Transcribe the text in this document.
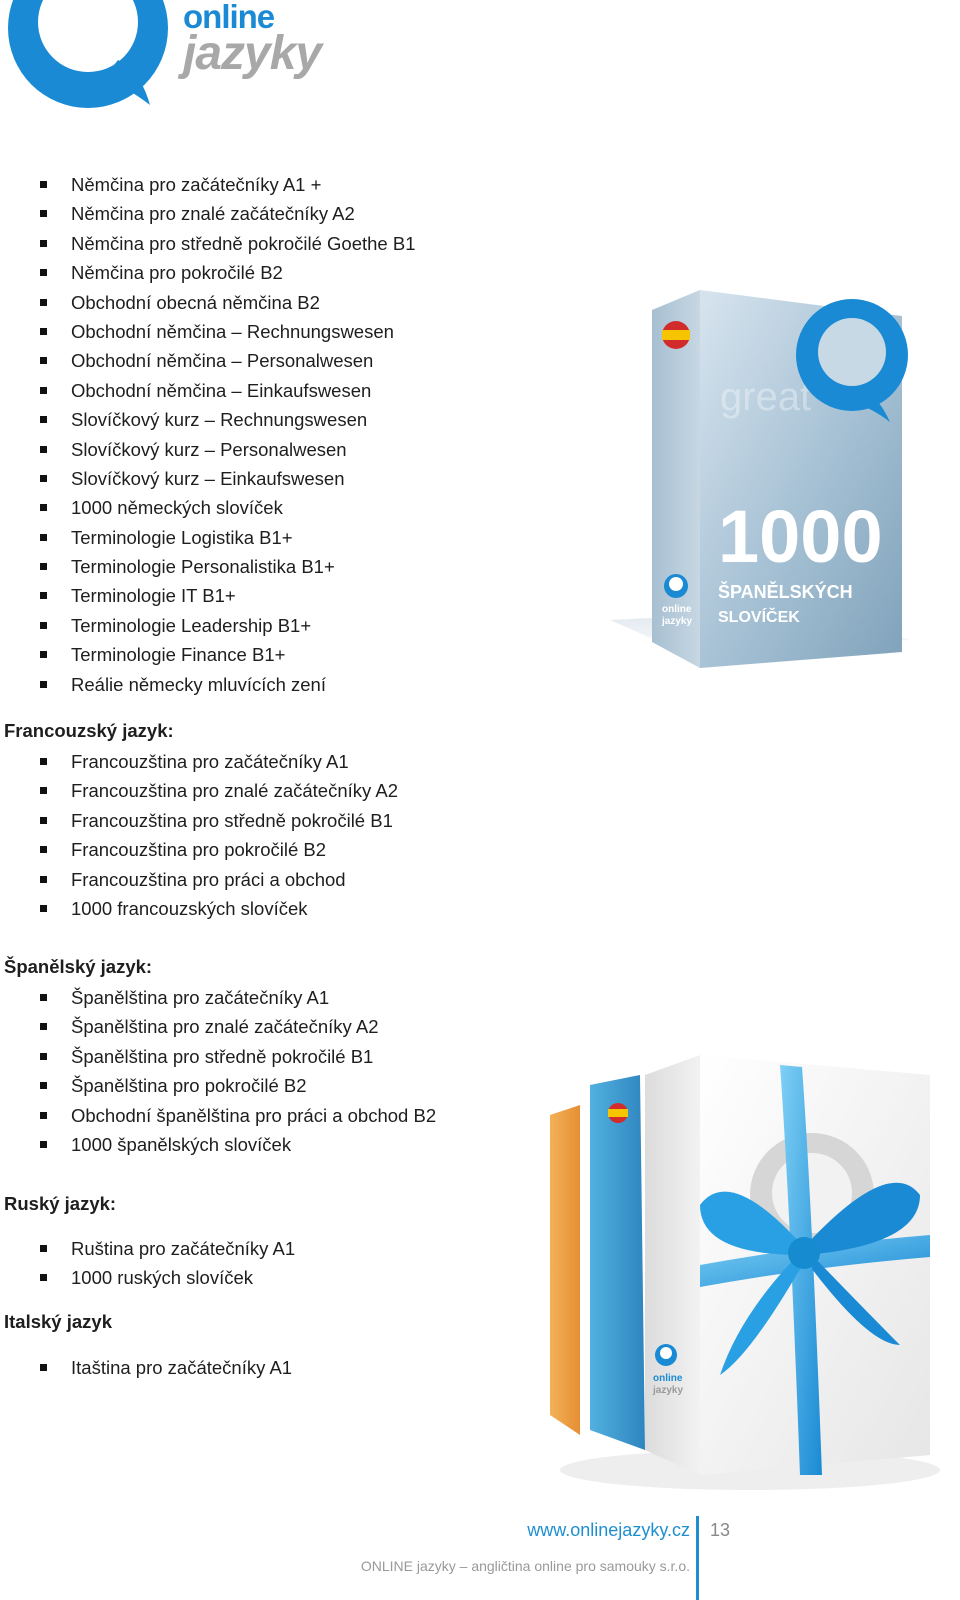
online
jazyky
Němčina pro začátečníky A1 +
Němčina pro znalé začátečníky A2
Němčina pro středně pokročilé Goethe B1
Němčina pro pokročilé B2
Obchodní obecná němčina B2
Obchodní němčina – Rechnungswesen
Obchodní němčina – Personalwesen
Obchodní němčina – Einkaufswesen
Slovíčkový kurz – Rechnungswesen
Slovíčkový kurz – Personalwesen
Slovíčkový kurz – Einkaufswesen
1000 německých slovíček
Terminologie Logistika B1+
Terminologie Personalistika B1+
Terminologie IT B1+
Terminologie Leadership B1+
Terminologie Finance B1+
Reálie německy mluvících zení
Francouzský jazyk:
Francouzština pro začátečníky A1
Francouzština pro znalé začátečníky A2
Francouzština pro středně pokročilé B1
Francouzština pro pokročilé B2
Francouzština pro práci a obchod
1000 francouzských slovíček
Španělský jazyk:
Španělština pro začátečníky A1
Španělština pro znalé začátečníky A2
Španělština pro středně pokročilé B1
Španělština pro pokročilé B2
Obchodní španělština pro práci a obchod B2
1000 španělských slovíček
Ruský jazyk:
Ruština pro začátečníky A1
1000 ruských slovíček
Italský jazyk
Itaština pro začátečníky A1
great
1000
ŠPANĚLSKÝCH
SLOVÍČEK
online
jazyky
online
jazyky
www.onlinejazyky.cz 13
ONLINE jazyky – angličtina online pro samouky s.r.o.
